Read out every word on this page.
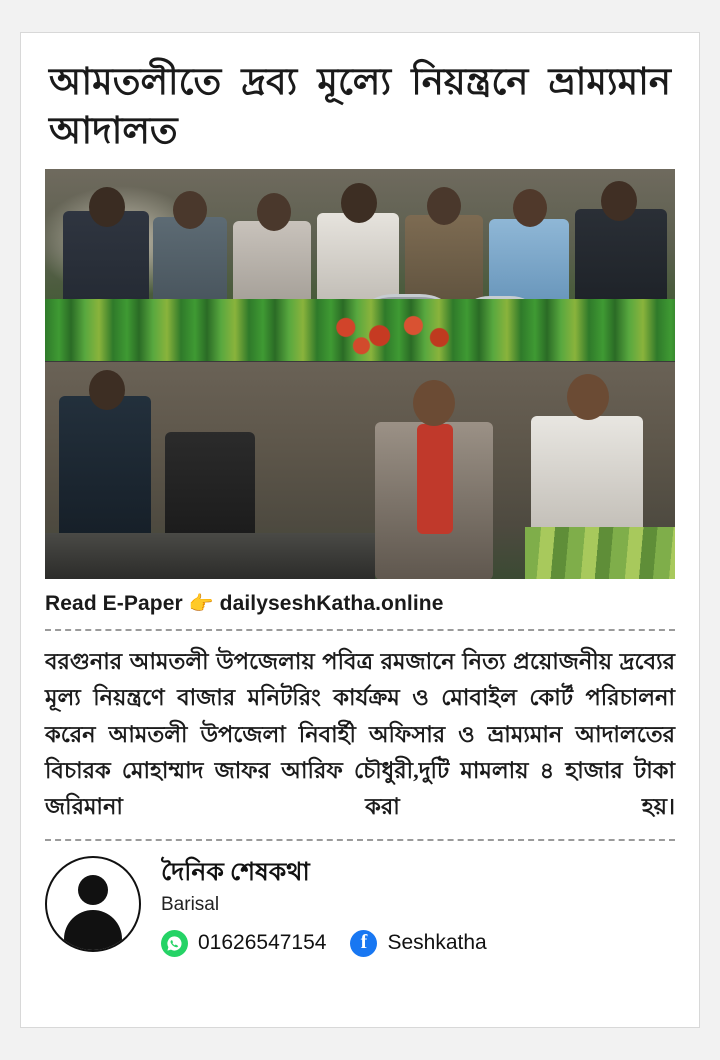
আমতলীতে দ্রব্য মূল্যে নিয়ন্ত্রনে ভ্রাম্যমান আদালত
Read E-Paper 👉 dailyseshKatha.online

বরগুনার আমতলী উপজেলায় পবিত্র রমজানে নিত্য প্রয়োজনীয় দ্রব্যের মূল্য নিয়ন্ত্রণে বাজার মনিটরিং কার্যক্রম ও মোবাইল কোর্ট পরিচালনা করেন আমতলী উপজেলা নিবার্হী অফিসার ও ভ্রাম্যমান আদালতের বিচারক মোহাম্মাদ জাফর আরিফ চৌধুরী,দুটি মামলায় ৪ হাজার টাকা জরিমানা করা হয়।

দৈনিক শেষকথা
Barisal
01626547154 f Seshkatha
